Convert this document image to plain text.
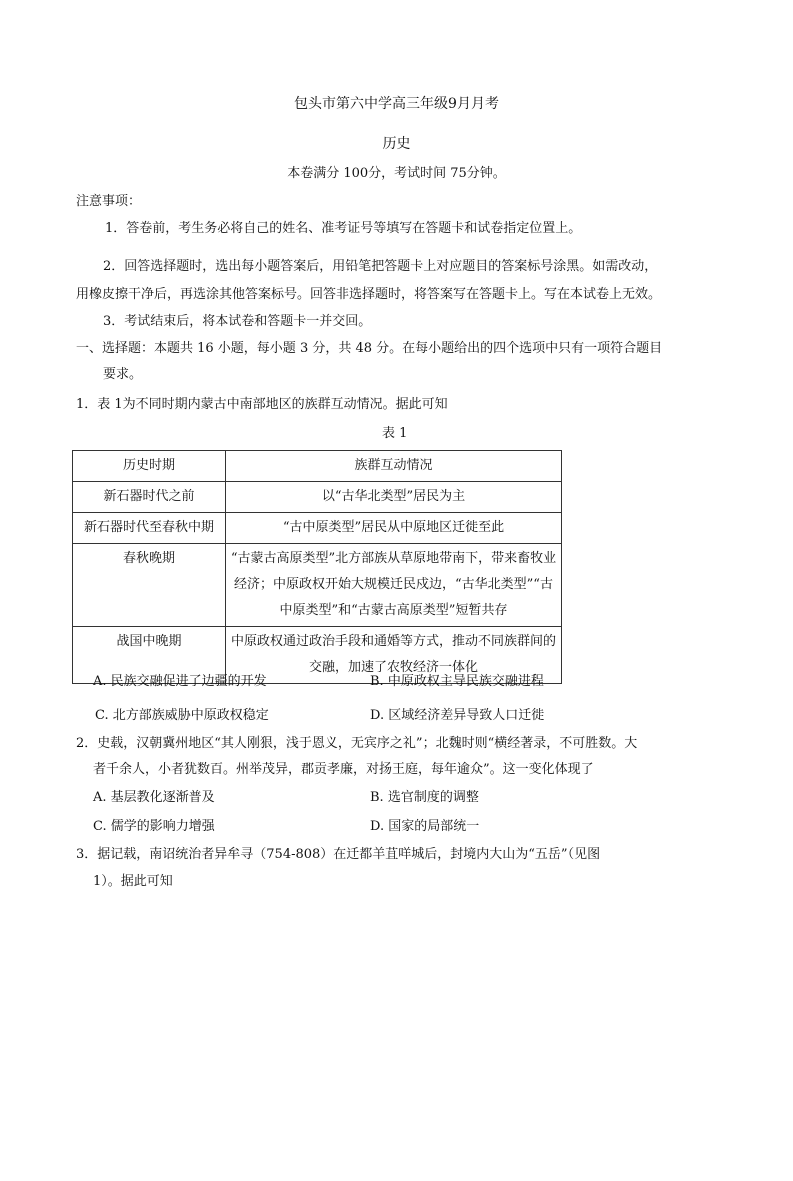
包头市第六中学高三年级9月月考
历史
本卷满分 100分，考试时间 75分钟。
注意事项：
1．答卷前，考生务必将自己的姓名、准考证号等填写在答题卡和试卷指定位置上。
2．回答选择题时，选出每小题答案后，用铅笔把答题卡上对应题目的答案标号涂黑。如需改动，
用橡皮擦干净后，再选涂其他答案标号。回答非选择题时，将答案写在答题卡上。写在本试卷上无效。
3．考试结束后，将本试卷和答题卡一并交回。
一、选择题：本题共 16 小题，每小题 3 分，共 48 分。在每小题给出的四个选项中只有一项符合题目
要求。
1．表 1为不同时期内蒙古中南部地区的族群互动情况。据此可知
表 1
历史时期	族群互动情况
新石器时代之前	以“古华北类型”居民为主
新石器时代至春秋中期	“古中原类型”居民从中原地区迁徙至此
春秋晚期	“古蒙古高原类型”北方部族从草原地带南下，带来畜牧业经济；中原政权开始大规模迁民戍边，“古华北类型”“古中原类型”和“古蒙古高原类型”短暂共存
战国中晚期	中原政权通过政治手段和通婚等方式，推动不同族群间的交融，加速了农牧经济一体化
A. 民族交融促进了边疆的开发	B. 中原政权主导民族交融进程
C. 北方部族威胁中原政权稳定	D. 区域经济差异导致人口迁徙
2．史载，汉朝冀州地区“其人刚狠，浅于恩义，无宾序之礼”；北魏时则“横经著录，不可胜数。大
者千余人，小者犹数百。州举茂异，郡贡孝廉，对扬王庭，每年逾众”。这一变化体现了
A. 基层教化逐渐普及	B. 选官制度的调整
C. 儒学的影响力增强	D. 国家的局部统一
3．据记载，南诏统治者异牟寻（754-808）在迁都羊苴咩城后，封境内大山为“五岳”（见图
1）。据此可知
